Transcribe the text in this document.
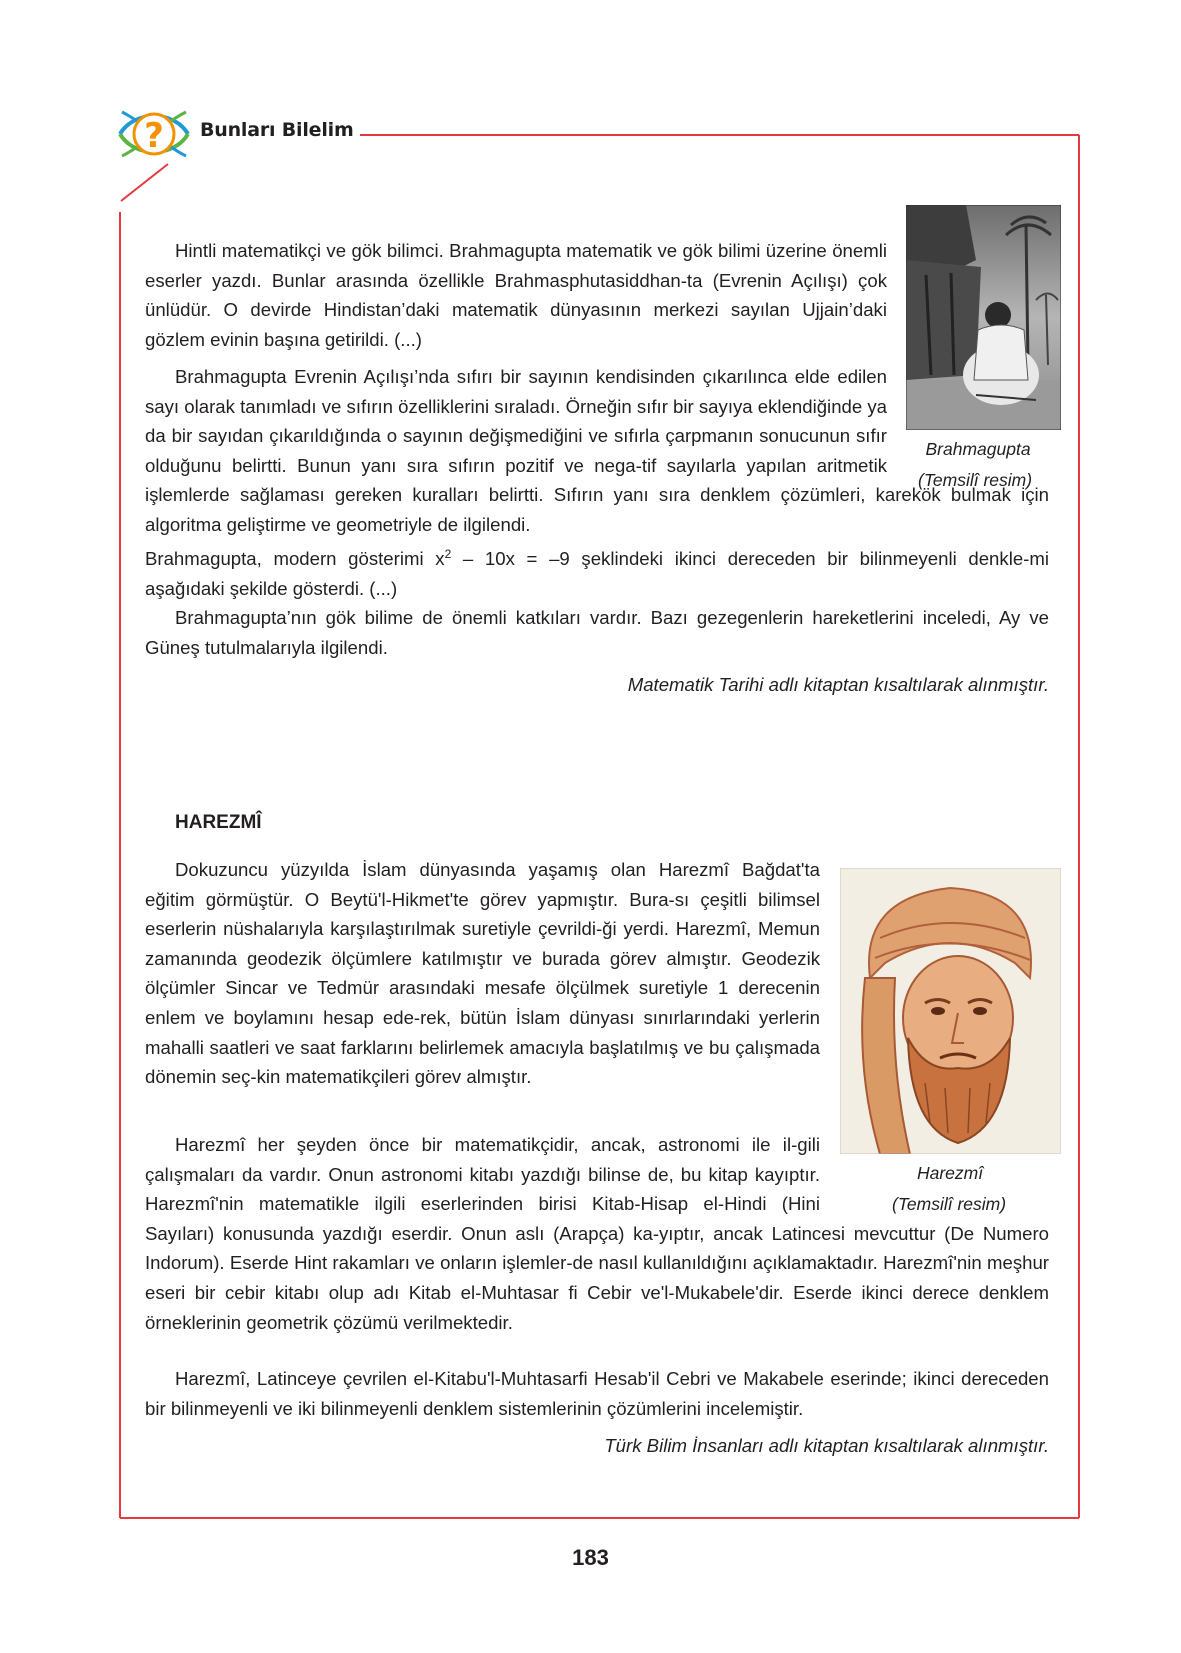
? Bunları Bilelim
Brahmagupta
(Temsilî resim)

Hintli matematikçi ve gök bilimci. Brahmagupta matematik ve gök bilimi üzerine önemli eserler yazdı. Bunlar arasında özellikle Brahmasphutasiddhan-ta (Evrenin Açılışı) çok ünlüdür. O devirde Hindistan’daki matematik dünyasının merkezi sayılan Ujjain’daki gözlem evinin başına getirildi. (...)

Brahmagupta Evrenin Açılışı’nda sıfırı bir sayının kendisinden çıkarılınca elde edilen
sayı olarak tanımladı ve sıfırın özelliklerini sıraladı. Örneğin sıfır bir sayıya eklendiğinde ya
da bir sayıdan çıkarıldığında o sayının değişmediğini ve sıfırla çarpmanın sonucunun sıfır
olduğunu belirtti. Bunun yanı sıra sıfırın pozitif ve nega-tif sayılarla yapılan aritmetik
işlemlerde sağlaması gereken kuralları belirtti. Sıfırın yanı sıra denklem çözümleri, karekök bulmak için
algoritma geliştirme ve geometriyle de ilgilendi.

Brahmagupta, modern gösterimi $x^2 - 10x = -9$ şeklindeki ikinci dereceden bir bilinmeyenli denkle-mi aşağıdaki şekilde gösterdi. (...)

Brahmagupta’nın gök bilime de önemli katkıları vardır. Bazı gezegenlerin hareketlerini inceledi, Ay ve Güneş tutulmalarıyla ilgilendi.

Matematik Tarihi adlı kitaptan kısaltılarak alınmıştır.
HAREZMÎ
Harezmî
(Temsilî resim)

Dokuzuncu yüzyılda İslam dünyasında yaşamış olan Harezmî Bağdat'ta eğitim görmüştür. O Beytü'l-Hikmet'te görev yapmıştır. Bura-sı çeşitli bilimsel eserlerin nüshalarıyla karşılaştırılmak suretiyle çevrildi-ği yerdi. Harezmî, Memun zamanında geodezik ölçümlere katılmıştır ve burada görev almıştır. Geodezik ölçümler Sincar ve Tedmür arasındaki mesafe ölçülmek suretiyle 1 derecenin enlem ve boylamını hesap ede-rek, bütün İslam dünyası sınırlarındaki yerlerin mahalli saatleri ve saat farklarını belirlemek amacıyla başlatılmış ve bu çalışmada dönemin seç-kin matematikçileri görev almıştır.

Harezmî her şeyden önce bir matematikçidir, ancak, astronomi ile il-gili
çalışmaları da vardır. Onun astronomi kitabı yazdığı bilinse de, bu kitap kayıptır.
Harezmî'nin matematikle ilgili eserlerinden birisi Kitab-Hisap el-Hindi (Hini
Sayıları) konusunda yazdığı eserdir. Onun aslı (Arapça) ka-yıptır, ancak Latincesi mevcuttur (De Numero
Indorum). Eserde Hint rakamları ve onların işlemler-de nasıl kullanıldığını açıklamaktadır. Harezmî'nin meşhur
eseri bir cebir kitabı olup adı Kitab el-Muhtasar fi Cebir ve'l-Mukabele'dir. Eserde ikinci derece denklem
örneklerinin geometrik çözümü verilmektedir.

Harezmî, Latinceye çevrilen el-Kitabu'l-Muhtasarfi Hesab'il Cebri ve Makabele eserinde; ikinci dereceden bir bilinmeyenli ve iki bilinmeyenli denklem sistemlerinin çözümlerini incelemiştir.

Türk Bilim İnsanları adlı kitaptan kısaltılarak alınmıştır.
183
